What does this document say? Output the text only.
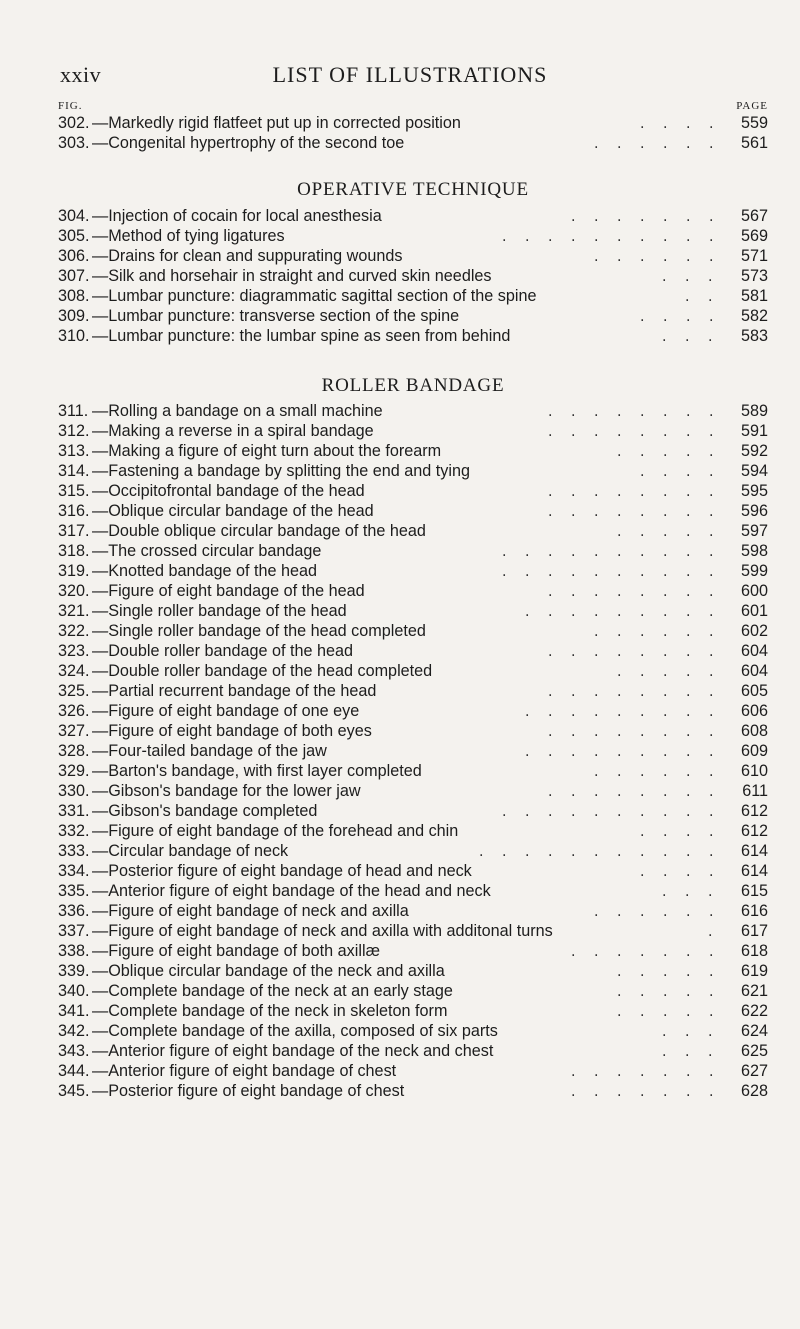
xxiv	LIST OF ILLUSTRATIONS
FIG.	PAGE
302. —Markedly rigid flatfeet put up in corrected position	. . . .	559
303. —Congenital hypertrophy of the second toe	. . . . . .	561
OPERATIVE TECHNIQUE
304. —Injection of cocain for local anesthesia	. . . . . . .	567
305. —Method of tying ligatures	. . . . . . . . . .	569
306. —Drains for clean and suppurating wounds	. . . . . .	571
307. —Silk and horsehair in straight and curved skin needles	. . .	573
308. —Lumbar puncture: diagrammatic sagittal section of the spine	. .	581
309. —Lumbar puncture: transverse section of the spine	. . . .	582
310. —Lumbar puncture: the lumbar spine as seen from behind	. . .	583
ROLLER BANDAGE
311. —Rolling a bandage on a small machine	. . . . . . . .	589
312. —Making a reverse in a spiral bandage	. . . . . . . .	591
313. —Making a figure of eight turn about the forearm	. . . . .	592
314. —Fastening a bandage by splitting the end and tying	. . . .	594
315. —Occipitofrontal bandage of the head	. . . . . . . .	595
316. —Oblique circular bandage of the head	. . . . . . . .	596
317. —Double oblique circular bandage of the head	. . . . .	597
318. —The crossed circular bandage	. . . . . . . . . .	598
319. —Knotted bandage of the head	. . . . . . . . . .	599
320. —Figure of eight bandage of the head	. . . . . . . .	600
321. —Single roller bandage of the head	. . . . . . . . .	601
322. —Single roller bandage of the head completed	. . . . . .	602
323. —Double roller bandage of the head	. . . . . . . .	604
324. —Double roller bandage of the head completed	. . . . .	604
325. —Partial recurrent bandage of the head	. . . . . . . .	605
326. —Figure of eight bandage of one eye	. . . . . . . . .	606
327. —Figure of eight bandage of both eyes	. . . . . . . .	608
328. —Four-tailed bandage of the jaw	. . . . . . . . .	609
329. —Barton's bandage, with first layer completed	. . . . . .	610
330. —Gibson's bandage for the lower jaw	. . . . . . . .	611
331. —Gibson's bandage completed	. . . . . . . . . .	612
332. —Figure of eight bandage of the forehead and chin	. . . .	612
333. —Circular bandage of neck	. . . . . . . . . . .	614
334. —Posterior figure of eight bandage of head and neck	. . . .	614
335. —Anterior figure of eight bandage of the head and neck	. . .	615
336. —Figure of eight bandage of neck and axilla	. . . . . .	616
337. —Figure of eight bandage of neck and axilla with additonal turns	.	617
338. —Figure of eight bandage of both axillæ	. . . . . . .	618
339. —Oblique circular bandage of the neck and axilla	. . . . .	619
340. —Complete bandage of the neck at an early stage	. . . . .	621
341. —Complete bandage of the neck in skeleton form	. . . . .	622
342. —Complete bandage of the axilla, composed of six parts	. . .	624
343. —Anterior figure of eight bandage of the neck and chest	. . .	625
344. —Anterior figure of eight bandage of chest	. . . . . . .	627
345. —Posterior figure of eight bandage of chest	. . . . . . .	628
